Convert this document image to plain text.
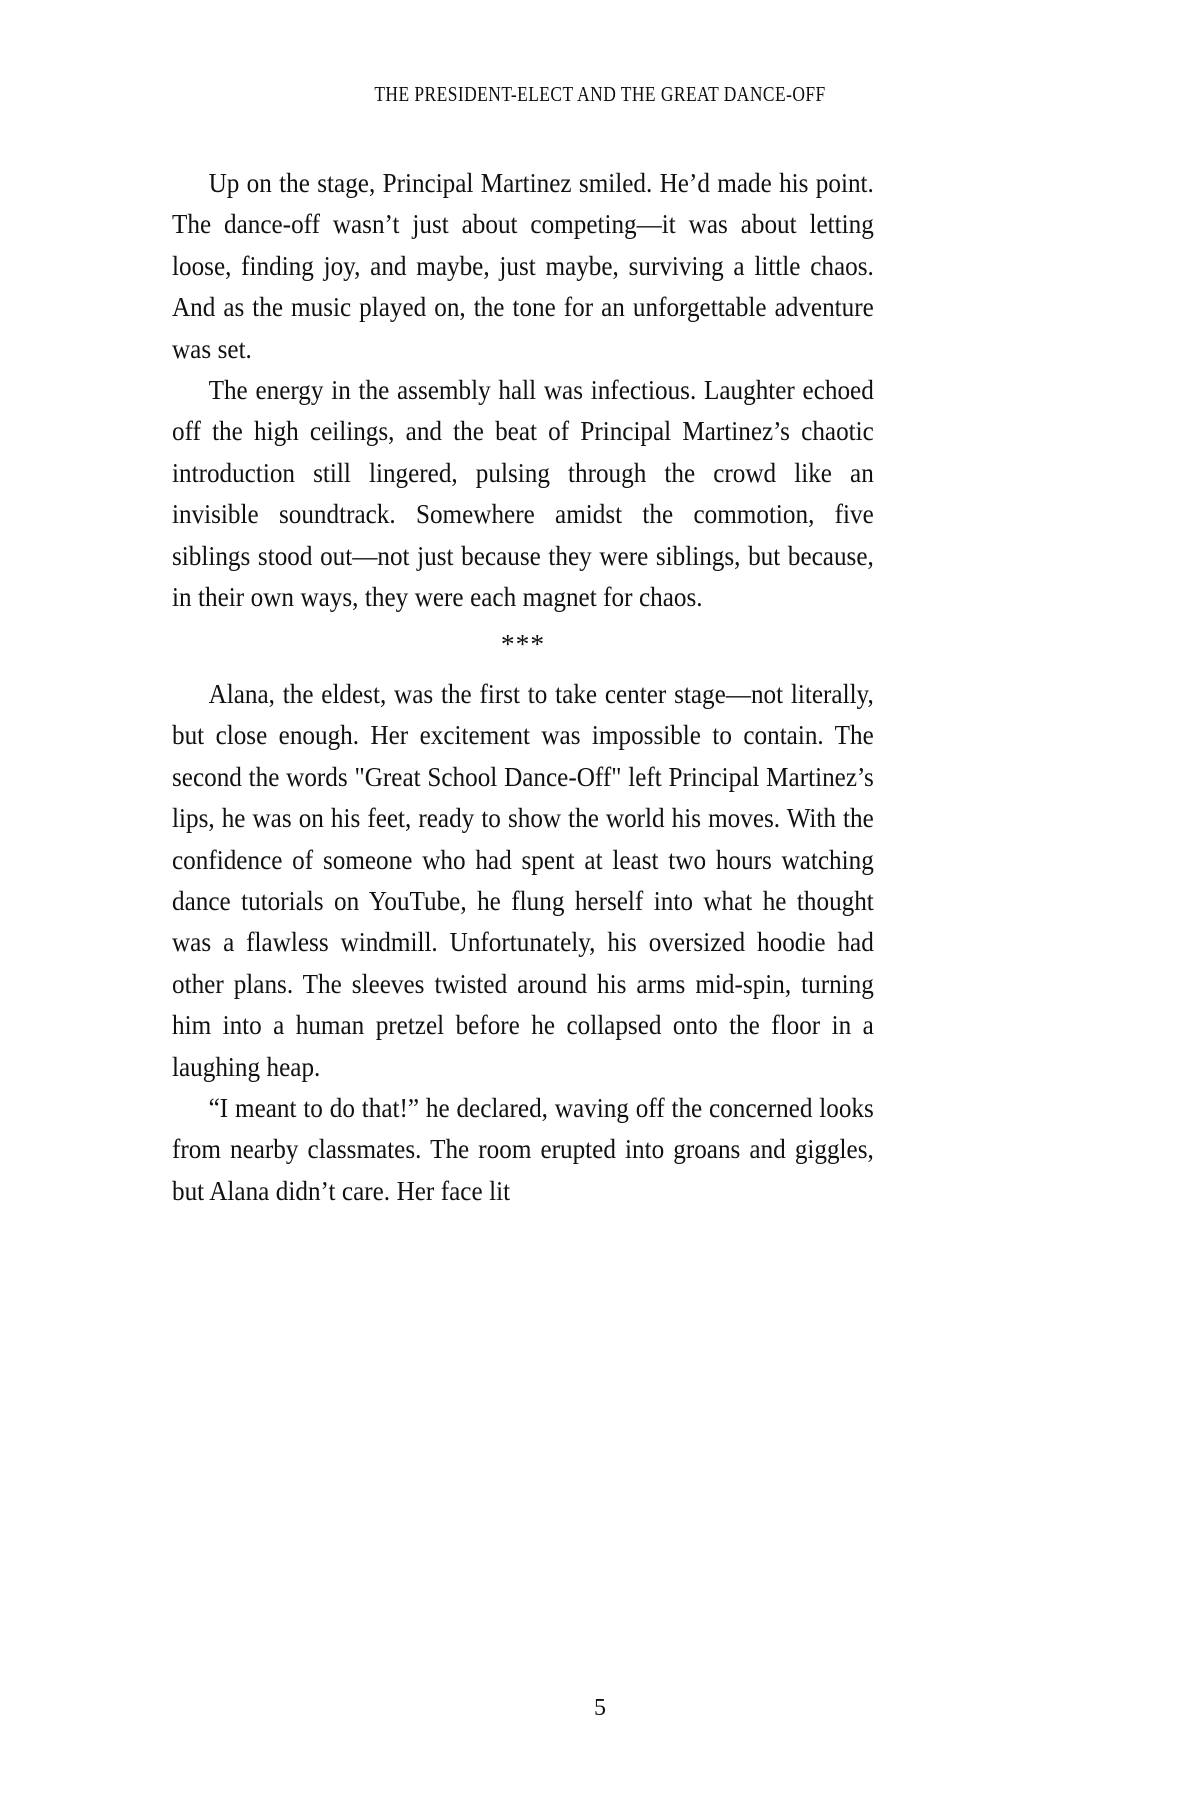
THE PRESIDENT-ELECT AND THE GREAT DANCE-OFF

Up on the stage, Principal Martinez smiled. He’d made his point. The dance-off wasn’t just about competing—it was about letting loose, finding joy, and maybe, just maybe, surviving a little chaos. And as the music played on, the tone for an unforgettable adventure was set.

The energy in the assembly hall was infectious. Laughter echoed off the high ceilings, and the beat of Principal Martinez’s chaotic introduction still lingered, pulsing through the crowd like an invisible soundtrack. Somewhere amidst the commotion, five siblings stood out—not just because they were siblings, but because, in their own ways, they were each magnet for chaos.

***

Alana, the eldest, was the first to take center stage—not literally, but close enough. Her excitement was impossible to contain. The second the words "Great School Dance-Off" left Principal Martinez’s lips, he was on his feet, ready to show the world his moves. With the confidence of someone who had spent at least two hours watching dance tutorials on YouTube, he flung herself into what he thought was a flawless windmill. Unfortunately, his oversized hoodie had other plans. The sleeves twisted around his arms mid-spin, turning him into a human pretzel before he collapsed onto the floor in a laughing heap.

“I meant to do that!” he declared, waving off the concerned looks from nearby classmates. The room erupted into groans and giggles, but Alana didn’t care. Her face lit

5
